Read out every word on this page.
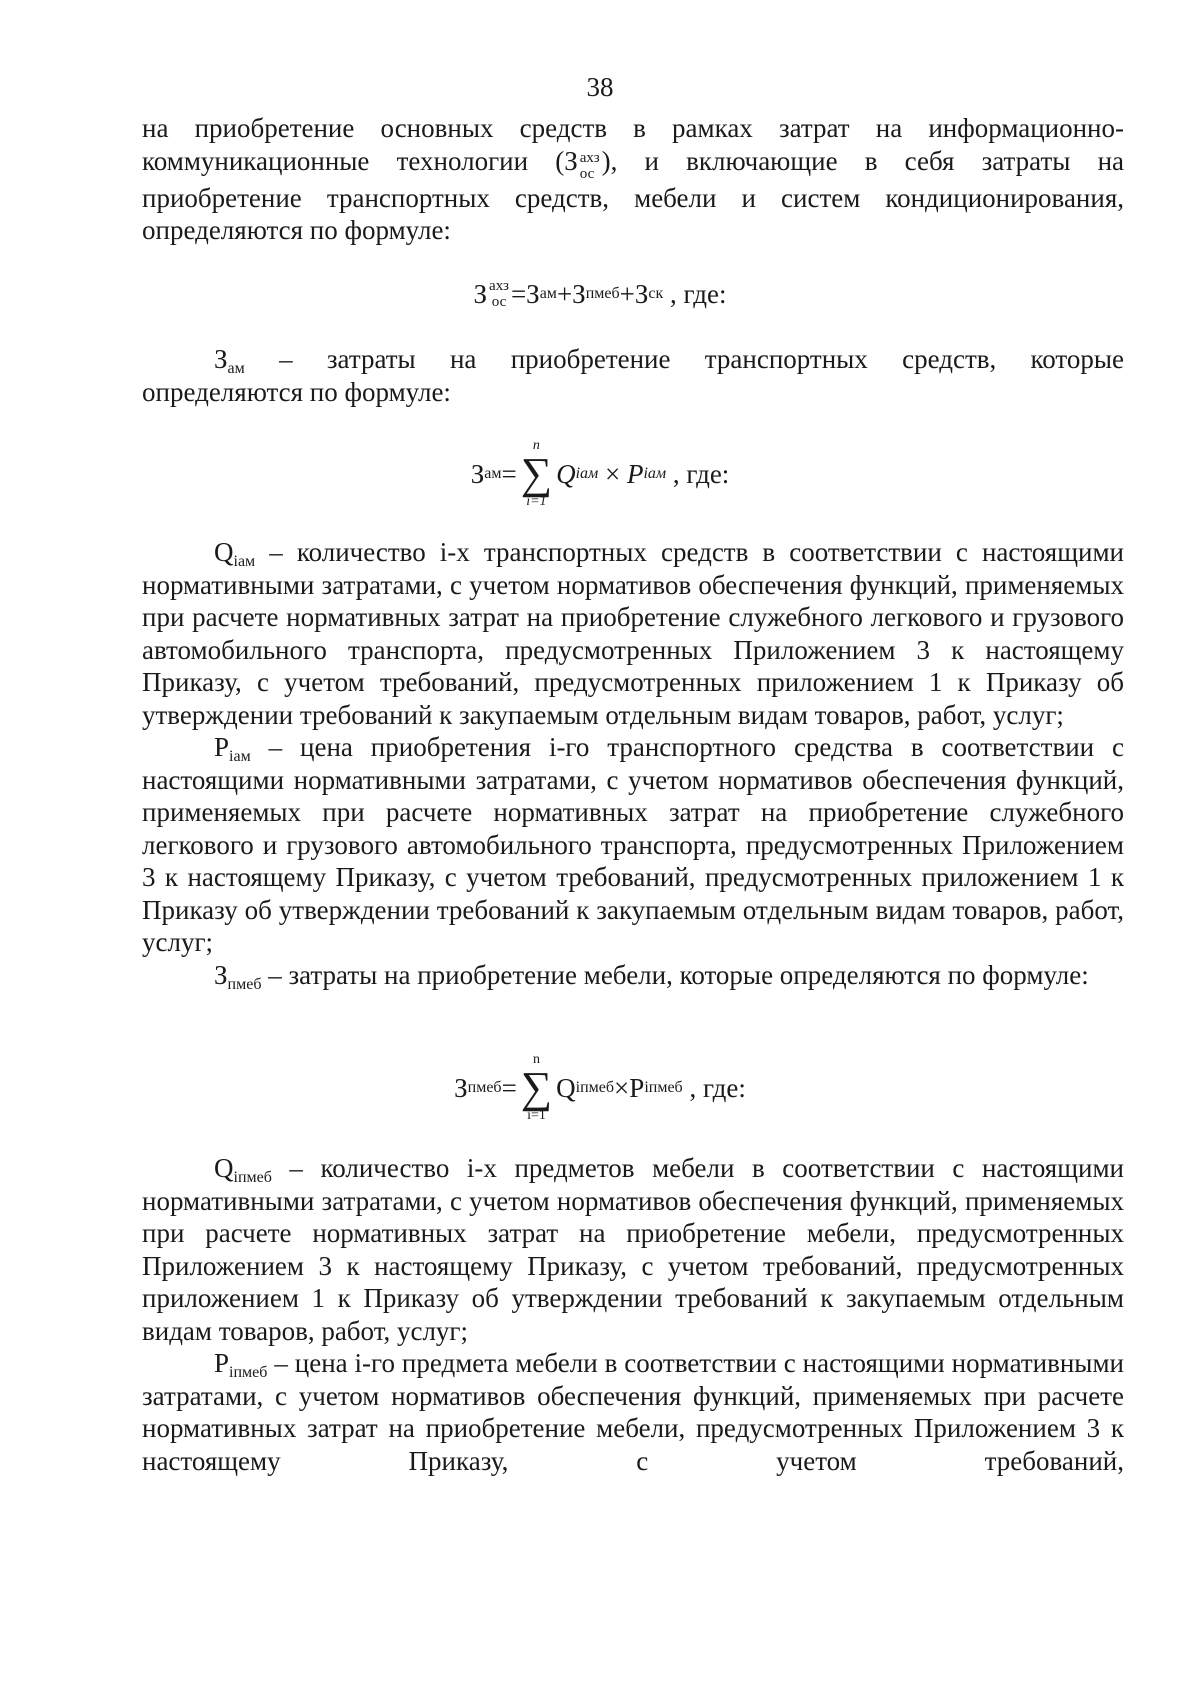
38

на приобретение основных средств в рамках затрат на информационно-

коммуникационные технологии (З ахз
ос ), и включающие в себя затраты на

приобретение транспортных средств, мебели и систем кондиционирования,

определяются по формуле:

З ахз
ос = З ам + З пмеб + З ск
, где:

$З_{ам}$ – затраты на приобретение транспортных средств, которые

определяются по формуле:

З ам =
n
∑
i=1
Q iам
×
P iам
, где:

$Q_{iам}$ – количество i-х транспортных средств в соответствии с настоящими нормативными затратами, с учетом нормативов обеспечения функций, применяемых при расчете нормативных затрат на приобретение служебного легкового и грузового автомобильного транспорта, предусмотренных Приложением 3 к настоящему Приказу, с учетом требований, предусмотренных приложением 1 к Приказу об утверждении требований к закупаемым отдельным видам товаров, работ, услуг;

$P_{iам}$ – цена приобретения i-го транспортного средства в соответствии с настоящими нормативными затратами, с учетом нормативов обеспечения функций, применяемых при расчете нормативных затрат на приобретение служебного легкового и грузового автомобильного транспорта, предусмотренных Приложением 3 к настоящему Приказу, с учетом требований, предусмотренных приложением 1 к Приказу об утверждении требований к закупаемым отдельным видам товаров, работ, услуг;

$З_{пмеб}$ – затраты на приобретение мебели, которые определяются по формуле:

З пмеб =
n
∑
i=1
Q iпмеб × P iпмеб
, где:

$Q_{iпмеб}$ – количество i-х предметов мебели в соответствии с настоящими нормативными затратами, с учетом нормативов обеспечения функций, применяемых при расчете нормативных затрат на приобретение мебели, предусмотренных Приложением 3 к настоящему Приказу, с учетом требований, предусмотренных приложением 1 к Приказу об утверждении требований к закупаемым отдельным видам товаров, работ, услуг;

$P_{iпмеб}$ – цена i-го предмета мебели в соответствии с настоящими нормативными затратами, с учетом нормативов обеспечения функций, применяемых при расчете нормативных затрат на приобретение мебели, предусмотренных Приложением 3 к настоящему Приказу, с учетом требований,
